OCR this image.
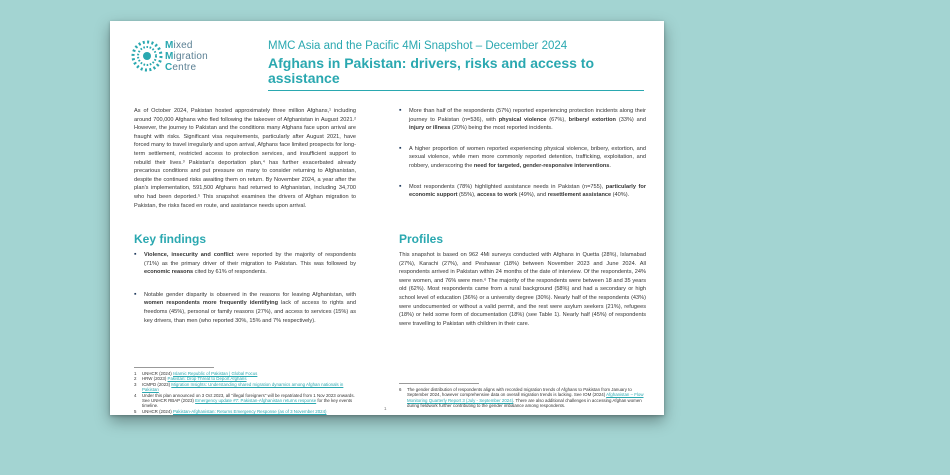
Mixed
Migration
Centre
MMC Asia and the Pacific 4Mi Snapshot – December 2024
Afghans in Pakistan: drivers, risks and access to assistance

As of October 2024, Pakistan hosted approximately three million Afghans,¹ including around 700,000 Afghans who fled following the takeover of Afghanistan in August 2021.² However, the journey to Pakistan and the conditions many Afghans face upon arrival are fraught with risks. Significant visa requirements, particularly after August 2021, have forced many to travel irregularly and upon arrival, Afghans face limited prospects for long-term settlement, restricted access to protection services, and insufficient support to rebuild their lives.³ Pakistan's deportation plan,⁴ has further exacerbated already precarious conditions and put pressure on many to consider returning to Afghanistan, despite the continued risks awaiting them on return. By November 2024, a year after the plan's implementation, 591,500 Afghans had returned to Afghanistan, including 34,700 who had been deported.⁵ This snapshot examines the drivers of Afghan migration to Pakistan, the risks faced en route, and assistance needs upon arrival.

Key findings

▪ Violence, insecurity and conflict were reported by the majority of respondents (71%) as the primary driver of their migration to Pakistan. This was followed by economic reasons cited by 61% of respondents.

▪ Notable gender disparity is observed in the reasons for leaving Afghanistan, with women respondents more frequently identifying lack of access to rights and freedoms (45%), personal or family reasons (27%), and access to services (15%) as key drivers, than men (who reported 30%, 15% and 7% respectively).

▪ More than half of the respondents (57%) reported experiencing protection incidents along their journey to Pakistan (n=536), with physical violence (67%), bribery/ extortion (33%) and injury or illness (20%) being the most reported incidents.

▪ A higher proportion of women reported experiencing physical violence, bribery, extortion, and sexual violence, while men more commonly reported detention, trafficking, exploitation, and robbery, underscoring the need for targeted, gender-responsive interventions.

▪ Most respondents (78%) highlighted assistance needs in Pakistan (n=755), particularly for economic support (55%), access to work (49%), and resettlement assistance (40%).

Profiles

This snapshot is based on 962 4Mi surveys conducted with Afghans in Quetta (28%), Islamabad (27%), Karachi (27%), and Peshawar (18%) between November 2023 and June 2024. All respondents arrived in Pakistan within 24 months of the date of interview. Of the respondents, 24% were women, and 76% were men.⁶ The majority of the respondents were between 18 and 35 years old (62%). Most respondents came from a rural background (58%) and had a secondary or high school level of education (36%) or a university degree (30%). Nearly half of the respondents (43%) were undocumented or without a valid permit, and the rest were asylum seekers (21%), refugees (18%) or held some form of documentation (18%) (see Table 1). Nearly half (45%) of respondents were travelling to Pakistan with children in their care.

1 UNHCR (2024) Islamic Republic of Pakistan | Global Focus
2 HRW (2023) Pakistan: Drop Threat to Deport Afghans
3 ICMPD (2023) Migration Insights: Understanding shared migration dynamics among Afghan nationals in Pakistan
4 Under this plan announced on 3 Oct 2023, all "illegal foreigners" will be repatriated from 1 Nov 2023 onwards. See UNHCR RBAP (2023) Emergency update #7: Pakistan-Afghanistan returns response for the key events timeline.
5 UNHCR (2024) Pakistan-Afghanistan: Returns Emergency Response (as of 3 November 2024)
6 The gender distribution of respondents aligns with recorded migration trends of Afghans to Pakistan from January to September 2024, however comprehensive data on overall migration trends is lacking. See IOM (2024) Afghanistan – Flow Monitoring Quarterly Report 3 (July - September 2024). There are also additional challenges in accessing Afghan women during fieldwork further contributing to the gender imbalance among respondents.
1
